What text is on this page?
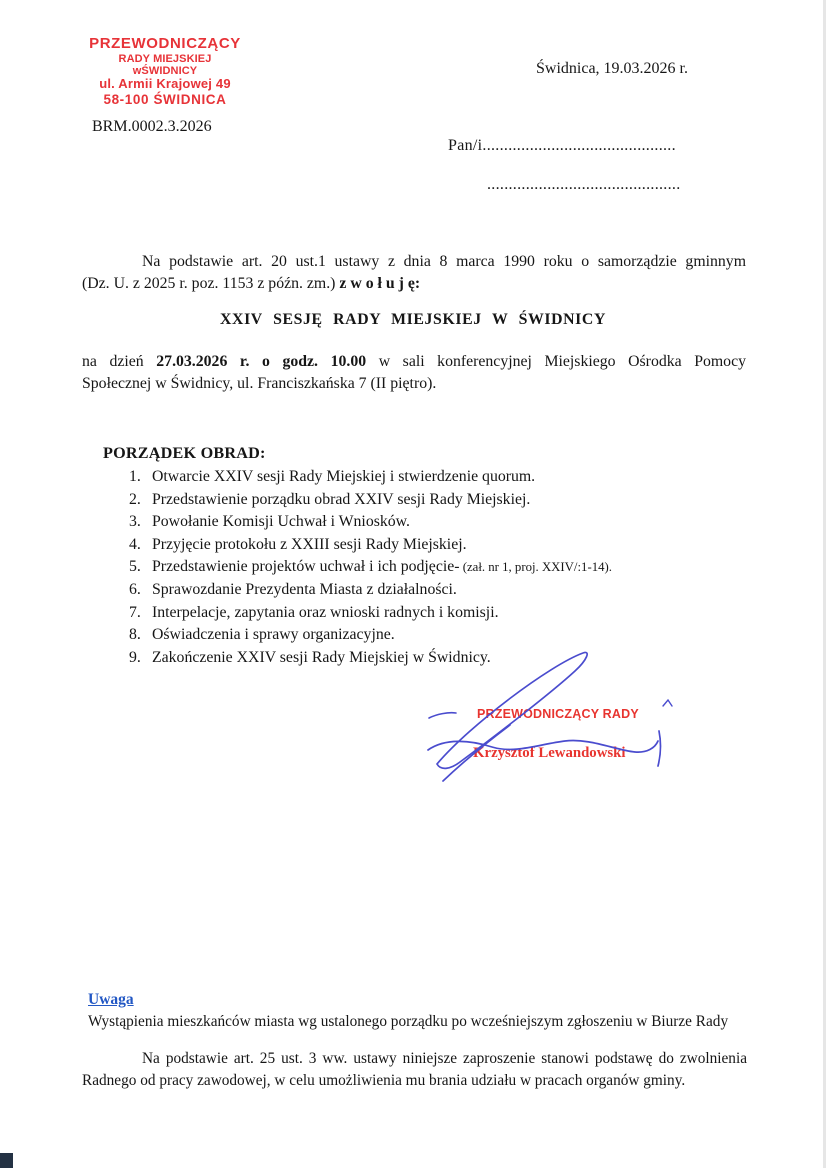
PRZEWODNICZĄCY
RADY MIEJSKIEJ wŚWIDNICY
ul. Armii Krajowej 49
58-100 ŚWIDNICA
Świdnica, 19.03.2026 r.
BRM.0002.3.2026
Pan/i.............................................
.............................................
Na podstawie art. 20 ust.1 ustawy z dnia 8 marca 1990 roku o samorządzie gminnym
(Dz. U. z 2025 r. poz. 1153 z późn. zm.) z w o ł u j ę:
XXIV SESJĘ RADY MIEJSKIEJ W ŚWIDNICY
na dzień 27.03.2026 r. o godz. 10.00 w sali konferencyjnej Miejskiego Ośrodka Pomocy
Społecznej w Świdnicy, ul. Franciszkańska 7 (II piętro).
PORZĄDEK OBRAD:
1. Otwarcie XXIV sesji Rady Miejskiej i stwierdzenie quorum.
2. Przedstawienie porządku obrad XXIV sesji Rady Miejskiej.
3. Powołanie Komisji Uchwał i Wniosków.
4. Przyjęcie protokołu z XXIII sesji Rady Miejskiej.
5. Przedstawienie projektów uchwał i ich podjęcie- (zał. nr 1, proj. XXIV/:1-14).
6. Sprawozdanie Prezydenta Miasta z działalności.
7. Interpelacje, zapytania oraz wnioski radnych i komisji.
8. Oświadczenia i sprawy organizacyjne.
9. Zakończenie XXIV sesji Rady Miejskiej w Świdnicy.
PRZEWODNICZĄCY RADY
Krzysztof Lewandowski
Uwaga
Wystąpienia mieszkańców miasta wg ustalonego porządku po wcześniejszym zgłoszeniu w Biurze Rady
Na podstawie art. 25 ust. 3 ww. ustawy niniejsze zaproszenie stanowi podstawę do zwolnienia
Radnego od pracy zawodowej, w celu umożliwienia mu brania udziału w pracach organów gminy.
